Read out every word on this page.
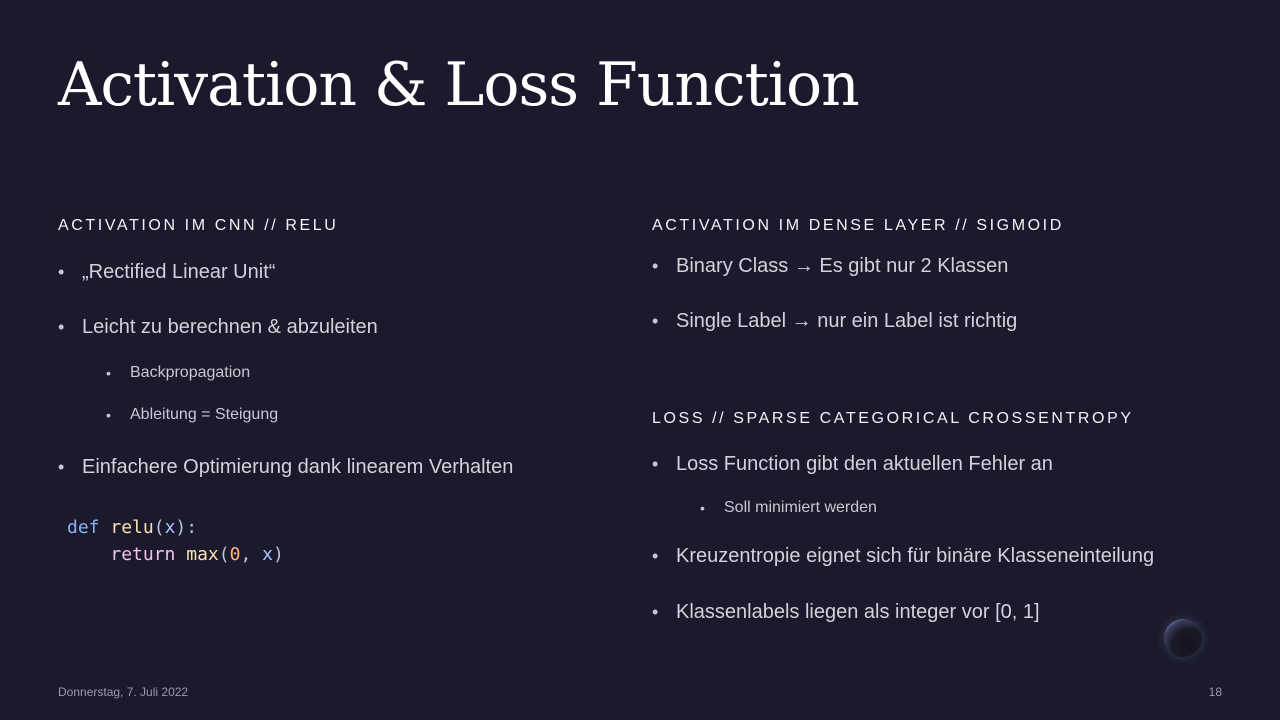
Activation & Loss Function
ACTIVATION IM CNN // RELU
• „Rectified Linear Unit“
• Leicht zu berechnen & abzuleiten
• Backpropagation
• Ableitung = Steigung
• Einfachere Optimierung dank linearem Verhalten
def relu(x):
return max(0, x)
ACTIVATION IM DENSE LAYER // SIGMOID
• Binary Class → Es gibt nur 2 Klassen
• Single Label → nur ein Label ist richtig
LOSS // SPARSE CATEGORICAL CROSSENTROPY
• Loss Function gibt den aktuellen Fehler an
• Soll minimiert werden
• Kreuzentropie eignet sich für binäre Klasseneinteilung
• Klassenlabels liegen als integer vor [0, 1]
Donnerstag, 7. Juli 2022	18
